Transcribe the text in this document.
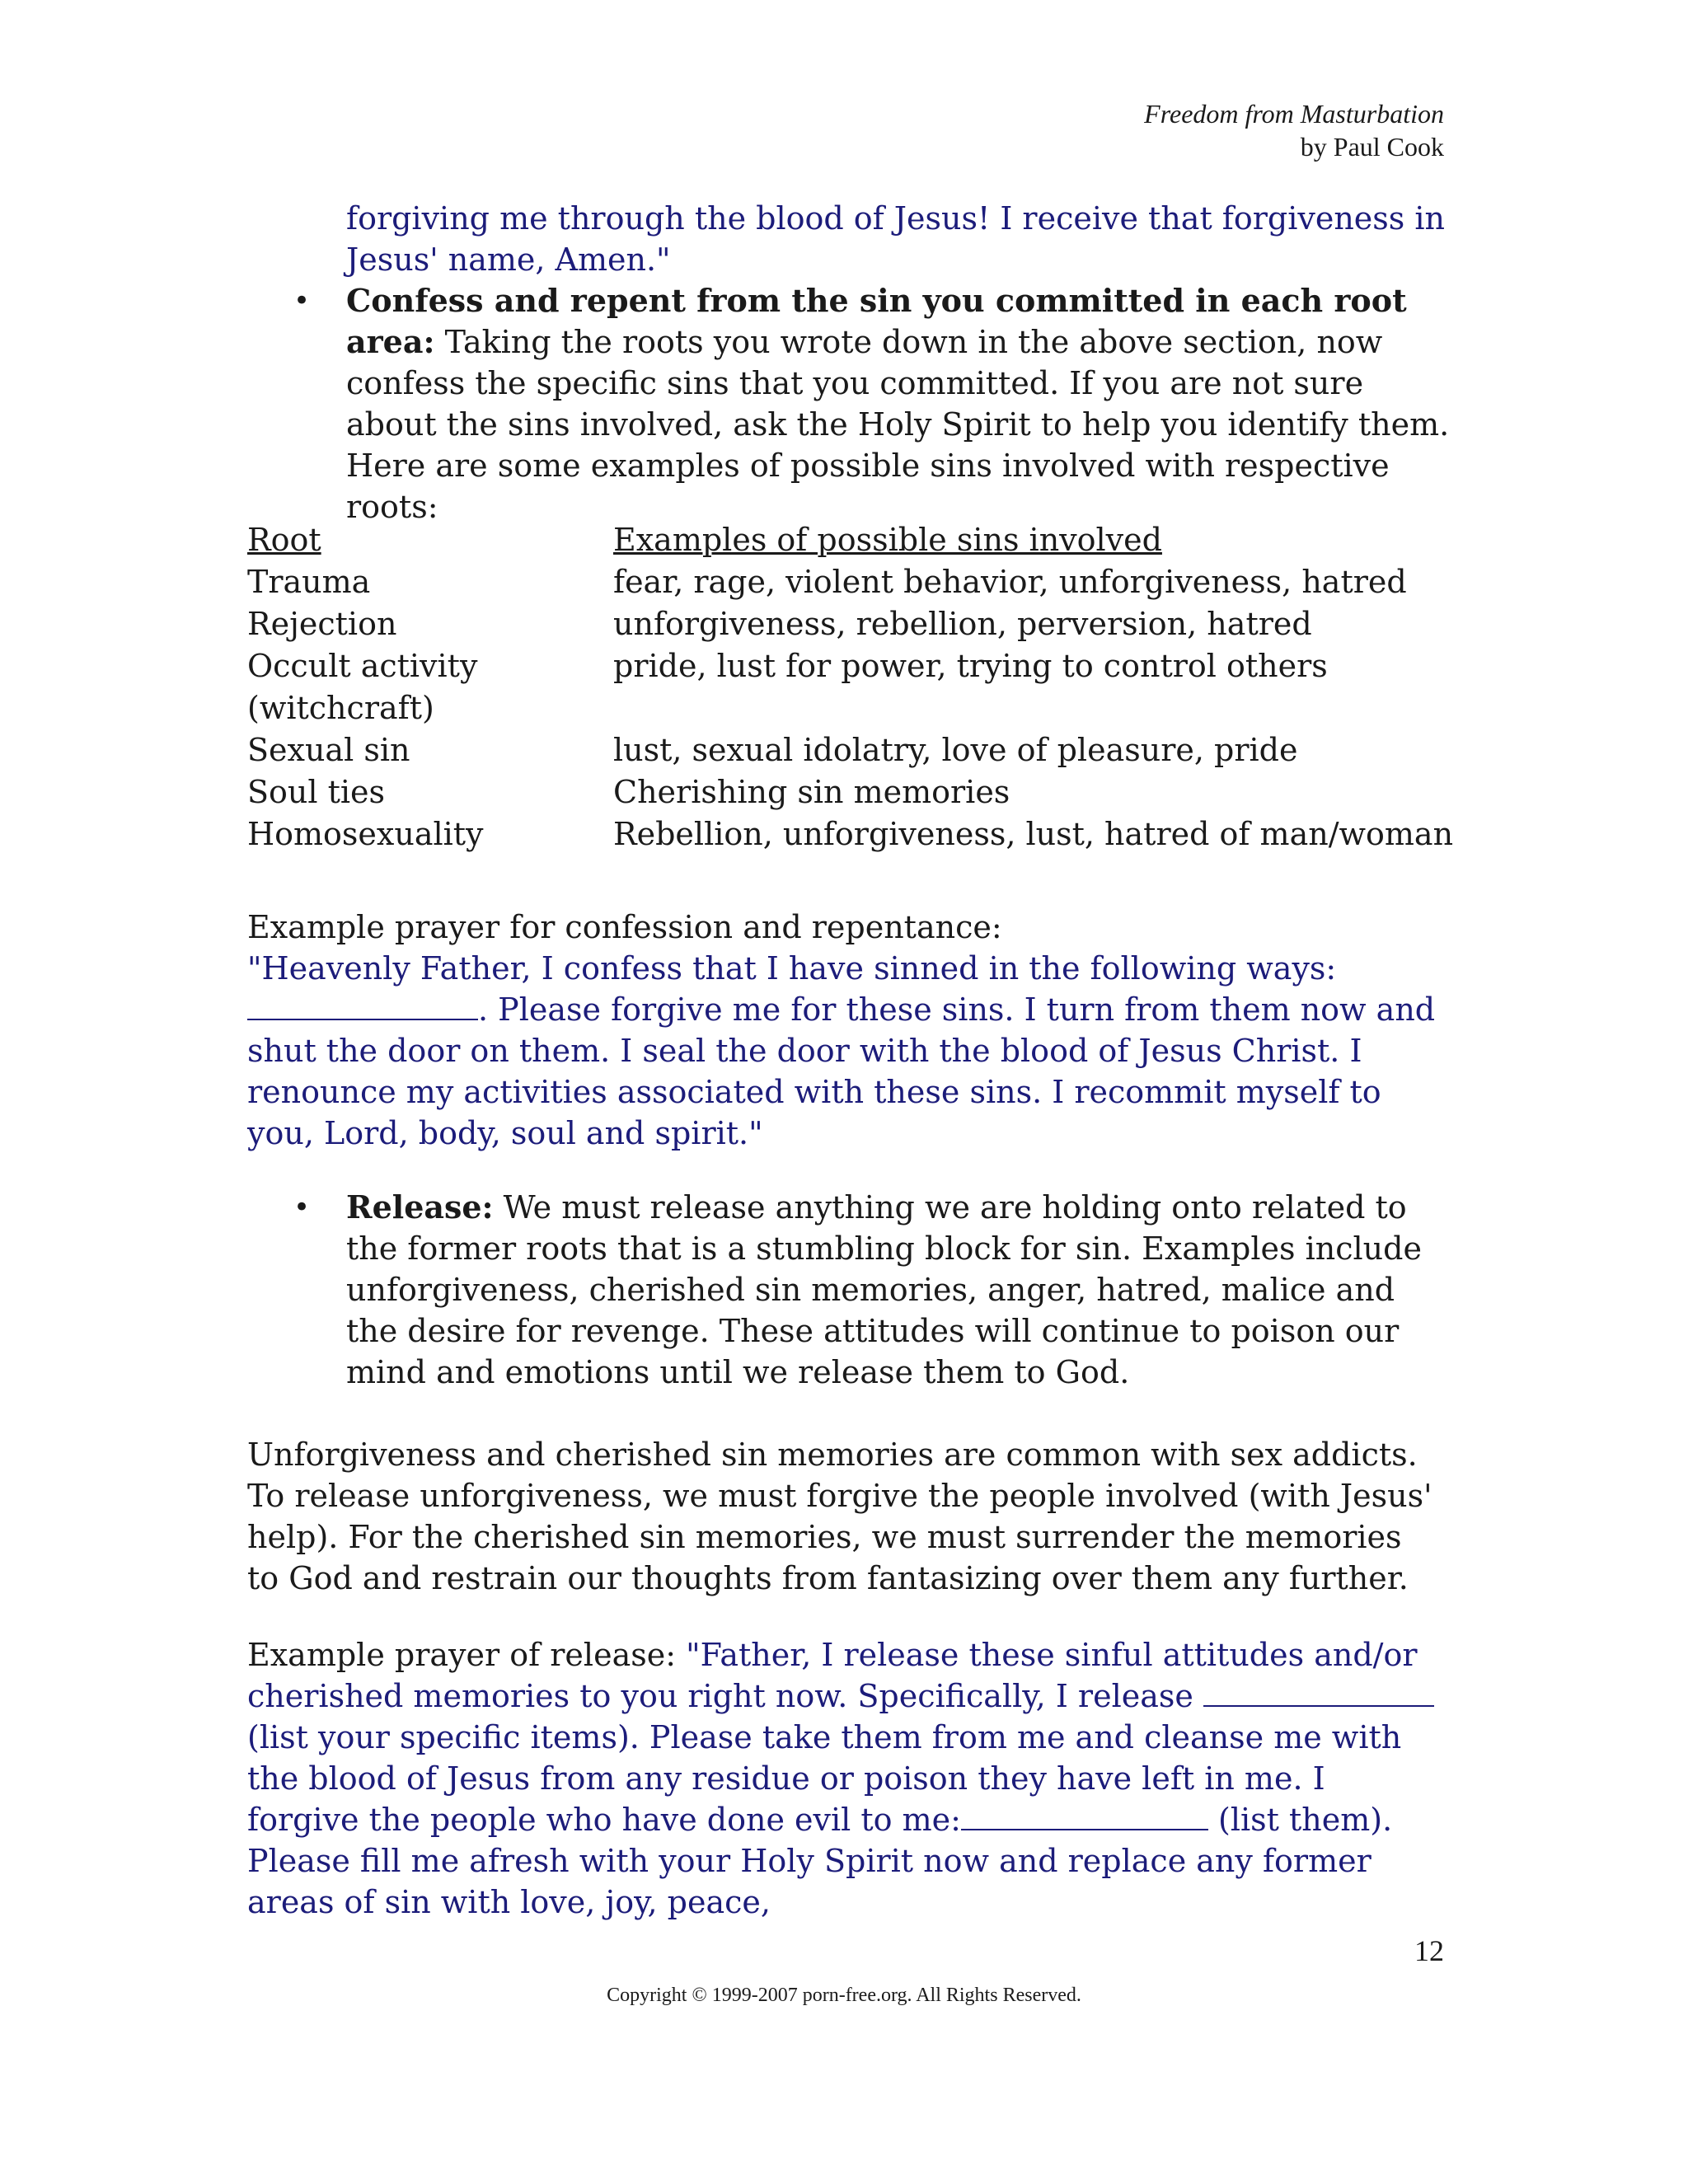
Freedom from Masturbation
by Paul Cook

forgiving me through the blood of Jesus! I receive that forgiveness in Jesus' name, Amen."

• Confess and repent from the sin you committed in each root area: Taking the roots you wrote down in the above section, now confess the specific sins that you committed. If you are not sure about the sins involved, ask the Holy Spirit to help you identify them. Here are some examples of possible sins involved with respective roots:
Root	Examples of possible sins involved
Trauma	fear, rage, violent behavior, unforgiveness, hatred
Rejection	unforgiveness, rebellion, perversion, hatred
Occult activity	pride, lust for power, trying to control others
(witchcraft)
Sexual sin	lust, sexual idolatry, love of pleasure, pride
Soul ties	Cherishing sin memories
Homosexuality	Rebellion, unforgiveness, lust, hatred of man/woman
Example prayer for confession and repentance:
"Heavenly Father, I confess that I have sinned in the following ways:
. Please forgive me for these sins. I turn from them now and
shut the door on them. I seal the door with the blood of Jesus Christ. I renounce my activities associated with these sins. I recommit myself to you, Lord, body, soul and spirit."
• Release: We must release anything we are holding onto related to the former roots that is a stumbling block for sin. Examples include unforgiveness, cherished sin memories, anger, hatred, malice and the desire for revenge. These attitudes will continue to poison our mind and emotions until we release them to God.

Unforgiveness and cherished sin memories are common with sex addicts. To release unforgiveness, we must forgive the people involved (with Jesus' help). For the cherished sin memories, we must surrender the memories to God and restrain our thoughts from fantasizing over them any further.

Example prayer of release: "Father, I release these sinful attitudes and/or cherished memories to you right now. Specifically, I release (list your specific items). Please take them from me and cleanse me with the blood of Jesus from any residue or poison they have left in me. I forgive the people who have done evil to me:	(list them). Please fill me afresh with your Holy Spirit now and replace any former areas of sin with love, joy, peace,

12
Copyright © 1999-2007 porn-free.org. All Rights Reserved.
